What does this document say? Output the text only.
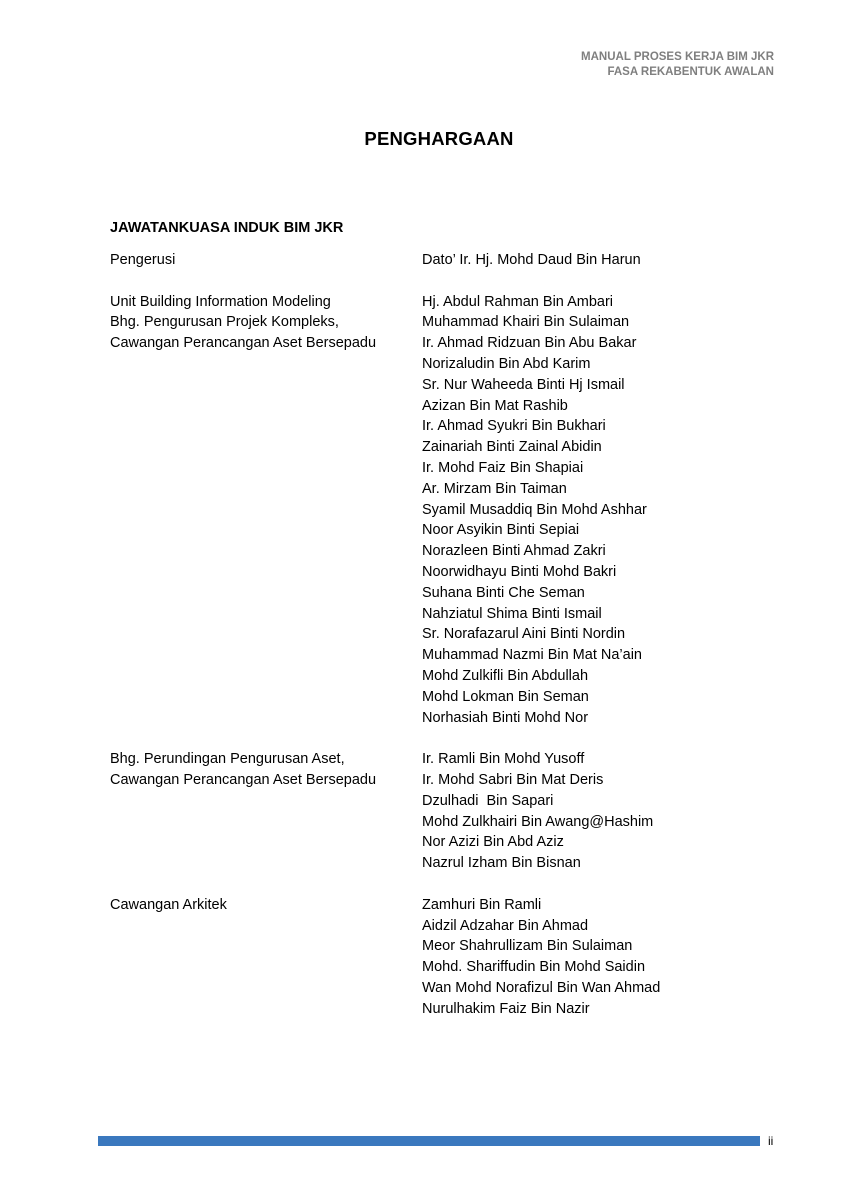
MANUAL PROSES KERJA BIM JKR
FASA REKABENTUK AWALAN
PENGHARGAAN
JAWATANKUASA INDUK BIM JKR
Pengerusi	Dato’ Ir. Hj. Mohd Daud Bin Harun
Unit Building Information Modeling
Bhg. Pengurusan Projek Kompleks,
Cawangan Perancangan Aset Bersepadu
Hj. Abdul Rahman Bin Ambari
Muhammad Khairi Bin Sulaiman
Ir. Ahmad Ridzuan Bin Abu Bakar
Norizaludin Bin Abd Karim
Sr. Nur Waheeda Binti Hj Ismail
Azizan Bin Mat Rashib
Ir. Ahmad Syukri Bin Bukhari
Zainariah Binti Zainal Abidin
Ir. Mohd Faiz Bin Shapiai
Ar. Mirzam Bin Taiman
Syamil Musaddiq Bin Mohd Ashhar
Noor Asyikin Binti Sepiai
Norazleen Binti Ahmad Zakri
Noorwidhayu Binti Mohd Bakri
Suhana Binti Che Seman
Nahziatul Shima Binti Ismail
Sr. Norafazarul Aini Binti Nordin
Muhammad Nazmi Bin Mat Na’ain
Mohd Zulkifli Bin Abdullah
Mohd Lokman Bin Seman
Norhasiah Binti Mohd Nor
Bhg. Perundingan Pengurusan Aset,
Cawangan Perancangan Aset Bersepadu
Ir. Ramli Bin Mohd Yusoff
Ir. Mohd Sabri Bin Mat Deris
Dzulhadi  Bin Sapari
Mohd Zulkhairi Bin Awang@Hashim
Nor Azizi Bin Abd Aziz
Nazrul Izham Bin Bisnan
Cawangan Arkitek	Zamhuri Bin Ramli
Aidzil Adzahar Bin Ahmad
Meor Shahrullizam Bin Sulaiman
Mohd. Shariffudin Bin Mohd Saidin
Wan Mohd Norafizul Bin Wan Ahmad
Nurulhakim Faiz Bin Nazir
ii
